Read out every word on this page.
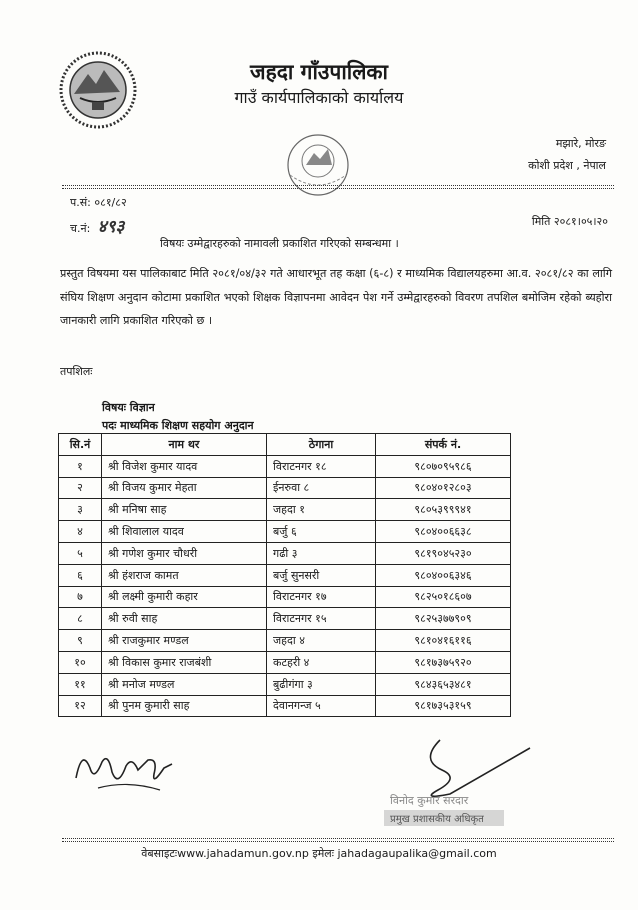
जहदा गाँउपालिका
गाउँ कार्यपालिकाको कार्यालय
मझारे, मोरङ
कोशी प्रदेश , नेपाल
प.सं: ०८१/८२
च.नं: ४९३	मिति २०८१।०५।२०
विषयः उम्मेद्वारहरुको नामावली प्रकाशित गरिएको सम्बन्धमा ।
प्रस्तुत विषयमा यस पालिकाबाट मिति २०८१/०४/३२ गते आधारभूत तह कक्षा (६-८) र माध्यमिक विद्यालयहरुमा आ.व. २०८१/८२ का लागि संघिय शिक्षण अनुदान कोटामा प्रकाशित भएको शिक्षक विज्ञापनमा आवेदन पेश गर्ने उम्मेद्वारहरुको विवरण तपशिल बमोजिम रहेको ब्यहोरा जानकारी लागि प्रकाशित गरिएको छ ।
तपशिलः
विषयः विज्ञान
पदः माध्यमिक शिक्षण सहयोग अनुदान
सि.नं	नाम थर	ठेगाना	संपर्क नं.
१	श्री विजेश कुमार यादव	विराटनगर १८	९८०७०९५९८६
२	श्री विजय कुमार मेहता	ईनरुवा ८	९८०४०१२८०३
३	श्री मनिषा साह	जहदा १	९८०५३९९९४१
४	श्री शिवालाल यादव	बर्जु ६	९८०४००६६३८
५	श्री गणेश कुमार चौधरी	गढी ३	९८१९०४५२३०
६	श्री हंशराज कामत	बर्जु सुनसरी	९८०४००६३४६
७	श्री लक्ष्मी कुमारी कहार	विराटनगर १७	९८२५०१८६०७
८	श्री रुवी साह	विराटनगर १५	९८२५३७७९०९
९	श्री राजकुमार मण्डल	जहदा ४	९८१०४१६११६
१०	श्री विकास कुमार राजबंशी	कटहरी ४	९८१७३७५९२०
११	श्री मनोज मण्डल	बुढीगंगा ३	९८४३६५३४८१
१२	श्री पुनम कुमारी साह	देवानगन्ज ५	९८१७३५३१५९
विनोद कुमार सरदार
प्रमुख प्रशासकीय अधिकृत
वेबसाइटःwww.jahadamun.gov.np इमेलः jahadagaupalika@gmail.com
